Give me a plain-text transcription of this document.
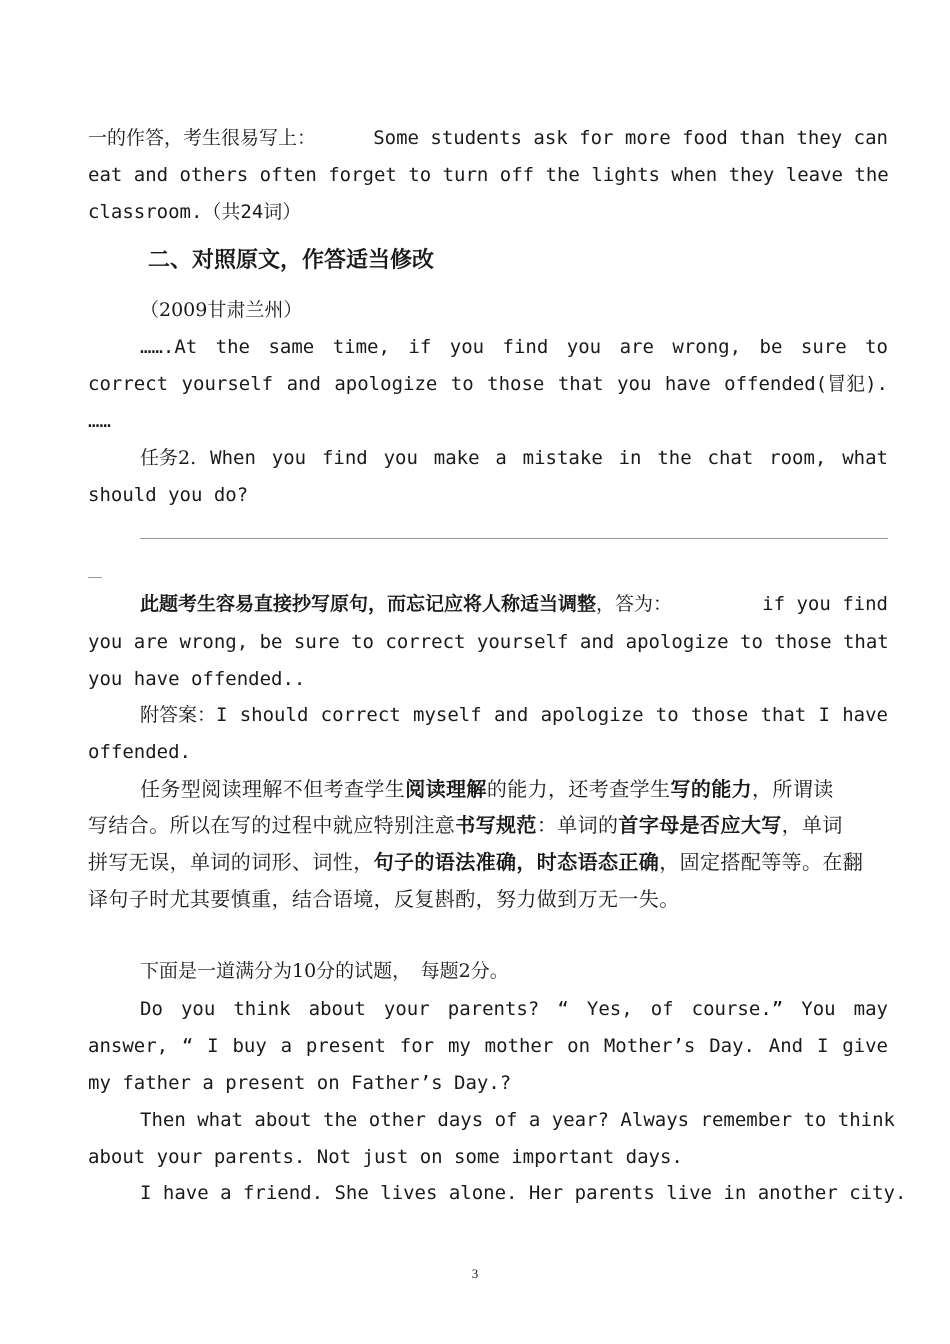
一的作答，考生很易写上：	Some students ask for more food than they can
eat and others often forget to turn off the lights when they leave the
classroom.（共24词）
二、对照原文，作答适当修改
（2009甘肃兰州）
…….At the same time, if you find you are wrong, be sure to
correct yourself and apologize to those that you have offended (冒犯).
……
任务2. When you find you make a mistake in the chat room, what
should you do?
此题考生容易直接抄写原句，而忘记应将人称适当调整，答为：	if you find
you are wrong, be sure to correct yourself and apologize to those that
you have offended..
附答案： I should correct myself and apologize to those that I have
offended.
任务型阅读理解不但考查学生阅读理解的能力，还考查学生写的能力，所谓读
写结合。所以在写的过程中就应特别注意书写规范：单词的首字母是否应大写，单词
拼写无误，单词的词形、词性，句子的语法准确，时态语态正确，固定搭配等等。在翻
译句子时尤其要慎重，结合语境，反复斟酌，努力做到万无一失。
下面是一道满分为10分的试题，　每题2分。
Do you think about your parents? “ Yes, of course.” You may
answer, “ I buy a present for my mother on Mother’s Day. And I give
my father a present on Father’s Day.?
Then what about the other days of a year? Always remember to think
about your parents. Not just on some important days.
I have a friend. She lives alone. Her parents live in another city.
3
